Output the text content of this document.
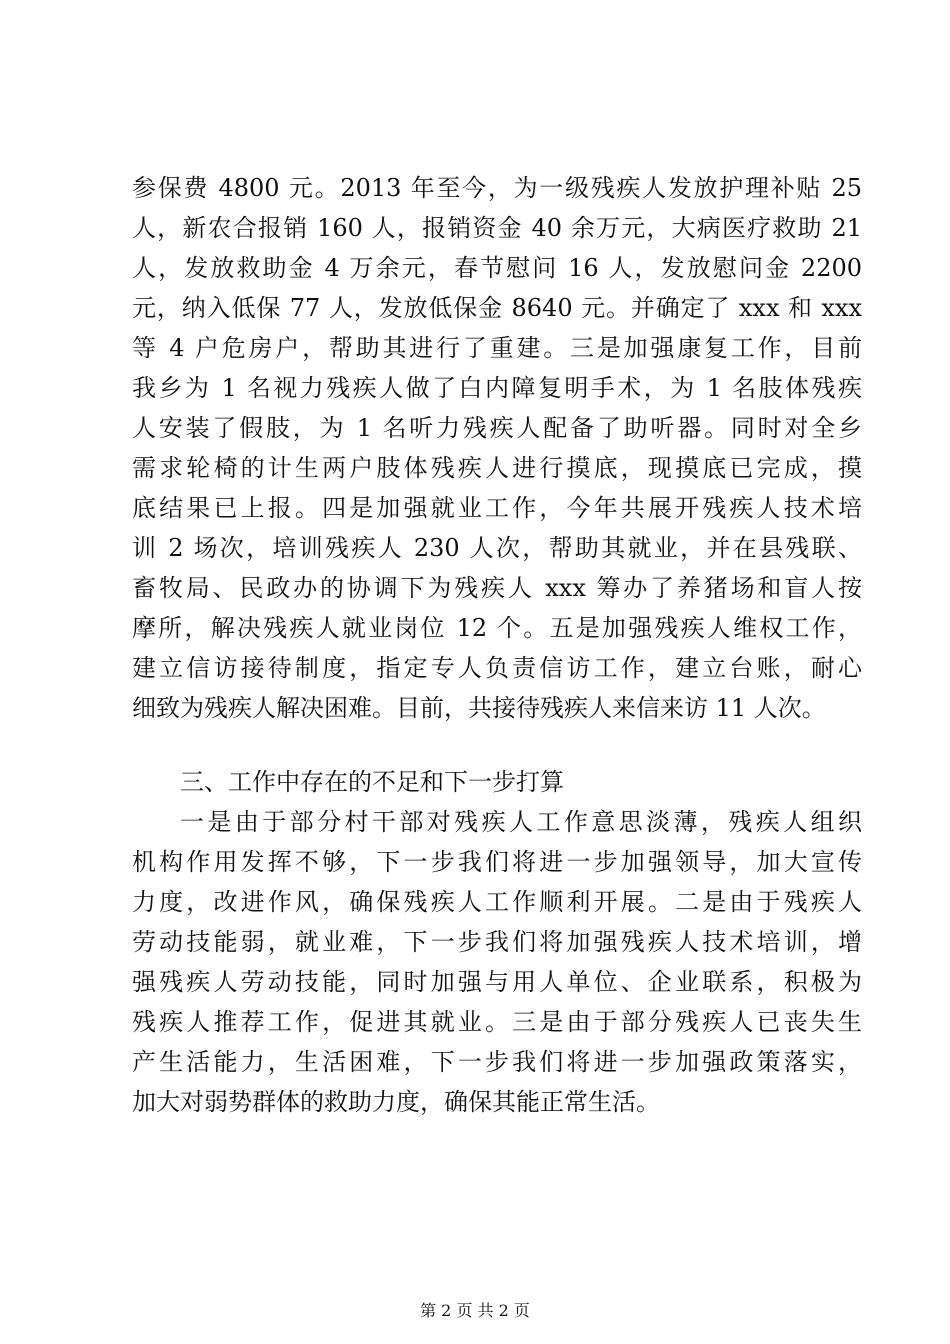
参保费 4800 元。2013 年至今，为一级残疾人发放护理补贴 25
人，新农合报销 160 人，报销资金 40 余万元，大病医疗救助 21
人，发放救助金 4 万余元，春节慰问 16 人，发放慰问金 2200
元，纳入低保 77 人，发放低保金 8640 元。并确定了 xxx 和 xxx
等 4 户危房户，帮助其进行了重建。三是加强康复工作，目前
我乡为 1 名视力残疾人做了白内障复明手术，为 1 名肢体残疾
人安装了假肢，为 1 名听力残疾人配备了助听器。同时对全乡
需求轮椅的计生两户肢体残疾人进行摸底，现摸底已完成，摸
底结果已上报。四是加强就业工作，今年共展开残疾人技术培
训 2 场次，培训残疾人 230 人次，帮助其就业，并在县残联、
畜牧局、民政办的协调下为残疾人 xxx 筹办了养猪场和盲人按
摩所，解决残疾人就业岗位 12 个。五是加强残疾人维权工作，
建立信访接待制度，指定专人负责信访工作，建立台账，耐心
细致为残疾人解决困难。目前，共接待残疾人来信来访 11 人次。
三、工作中存在的不足和下一步打算
一是由于部分村干部对残疾人工作意思淡薄，残疾人组织
机构作用发挥不够，下一步我们将进一步加强领导，加大宣传
力度，改进作风，确保残疾人工作顺利开展。二是由于残疾人
劳动技能弱，就业难，下一步我们将加强残疾人技术培训，增
强残疾人劳动技能，同时加强与用人单位、企业联系，积极为
残疾人推荐工作，促进其就业。三是由于部分残疾人已丧失生
产生活能力，生活困难，下一步我们将进一步加强政策落实，
加大对弱势群体的救助力度，确保其能正常生活。
第 2 页 共 2 页
